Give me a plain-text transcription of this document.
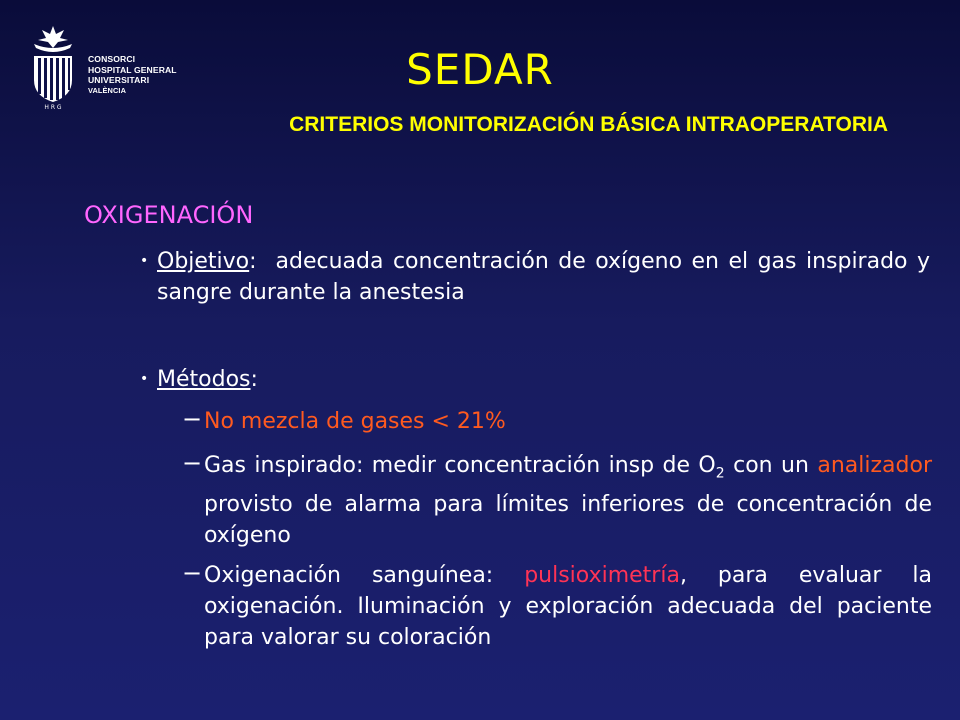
H R G
CONSORCI
HOSPITAL GENERAL
UNIVERSITARI
VALÈNCIA	SEDAR
CRITERIOS MONITORIZACIÓN BÁSICA INTRAOPERATORIA
OXIGENACIÓN
• Objetivo:  adecuada concentración de oxígeno en el gas inspirado y sangre durante la anestesia
• Métodos:
− No mezcla de gases < 21%
− Gas inspirado: medir concentración insp de $O_2$ con un analizador  provisto de alarma para límites inferiores de concentración de oxígeno
− Oxigenación sanguínea: pulsioximetría, para evaluar la oxigenación. Iluminación y exploración adecuada del paciente para valorar su coloración
